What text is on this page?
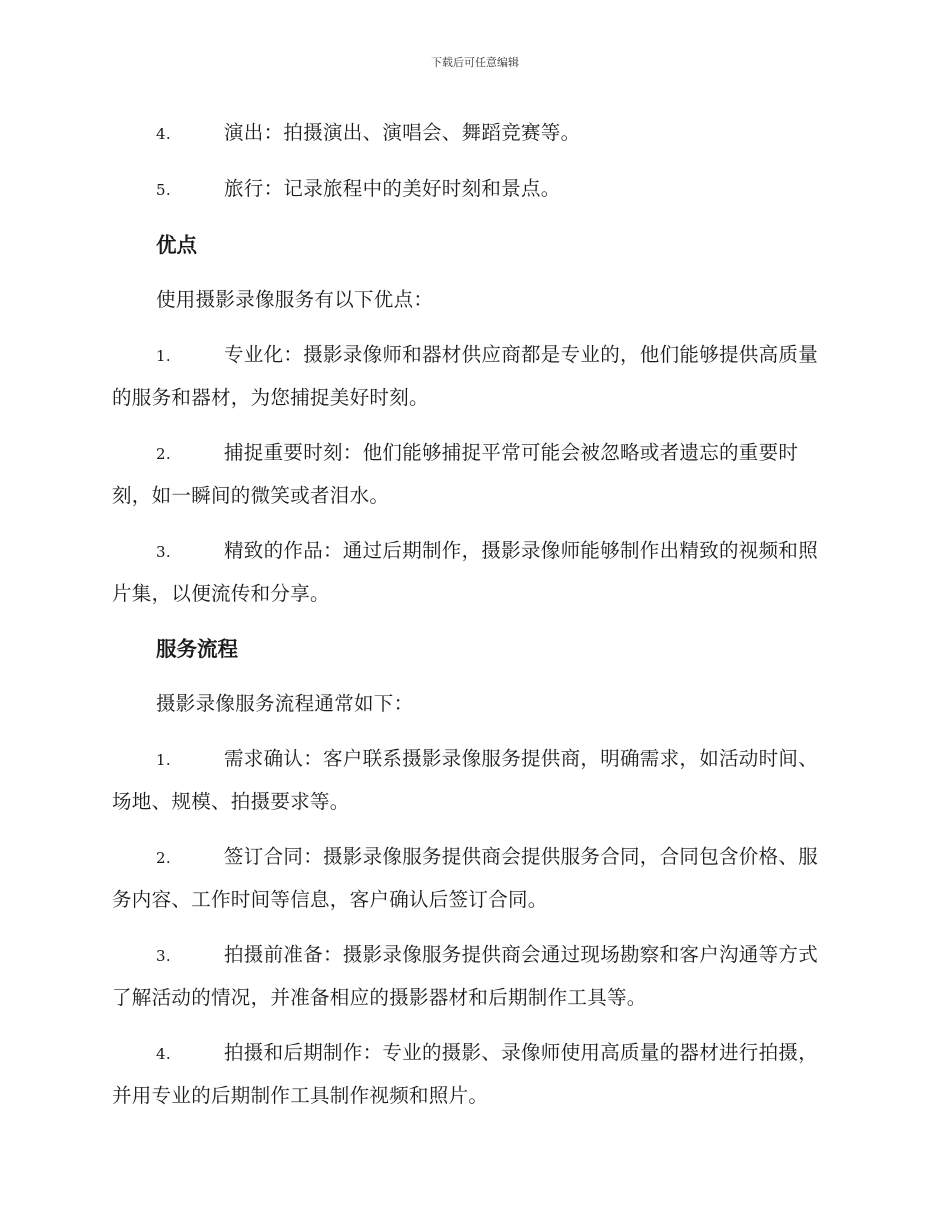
下载后可任意编辑
4.	演出：拍摄演出、演唱会、舞蹈竞赛等。
5.	旅行：记录旅程中的美好时刻和景点。
优点
使用摄影录像服务有以下优点：
1.	专业化：摄影录像师和器材供应商都是专业的，他们能够提供高质量的服务和器材，为您捕捉美好时刻。
2.	捕捉重要时刻：他们能够捕捉平常可能会被忽略或者遗忘的重要时刻，如一瞬间的微笑或者泪水。
3.	精致的作品：通过后期制作，摄影录像师能够制作出精致的视频和照片集，以便流传和分享。
服务流程
摄影录像服务流程通常如下：
1.	需求确认：客户联系摄影录像服务提供商，明确需求，如活动时间、场地、规模、拍摄要求等。
2.	签订合同：摄影录像服务提供商会提供服务合同，合同包含价格、服务内容、工作时间等信息，客户确认后签订合同。
3.	拍摄前准备：摄影录像服务提供商会通过现场勘察和客户沟通等方式了解活动的情况，并准备相应的摄影器材和后期制作工具等。
4.	拍摄和后期制作：专业的摄影、录像师使用高质量的器材进行拍摄，并用专业的后期制作工具制作视频和照片。
